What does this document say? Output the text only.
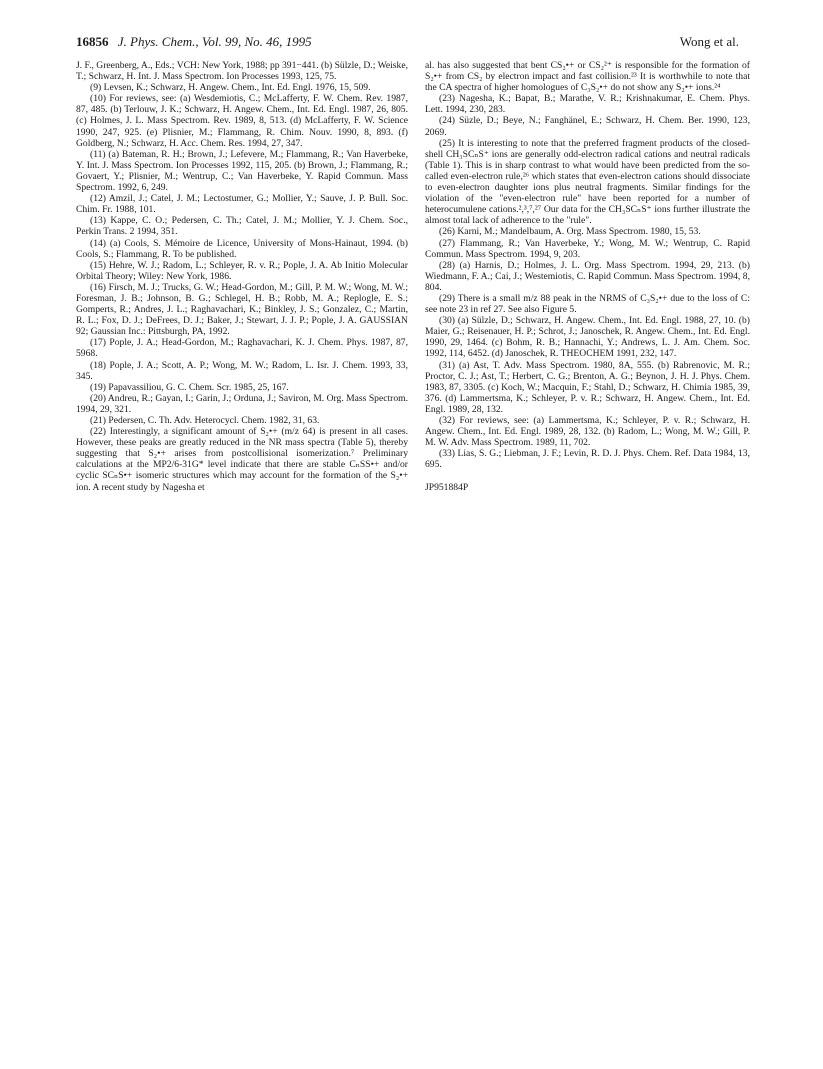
16856 J. Phys. Chem., Vol. 99, No. 46, 1995	Wong et al.

J. F., Greenberg, A., Eds.; VCH: New York, 1988; pp 391−441. (b) Sülzle, D.; Weiske, T.; Schwarz, H. Int. J. Mass Spectrom. Ion Processes 1993, 125, 75.

(9) Levsen, K.; Schwarz, H. Angew. Chem., Int. Ed. Engl. 1976, 15, 509.

(10) For reviews, see: (a) Wesdemiotis, C.; McLafferty, F. W. Chem. Rev. 1987, 87, 485. (b) Terlouw, J. K.; Schwarz, H. Angew. Chem., Int. Ed. Engl. 1987, 26, 805. (c) Holmes, J. L. Mass Spectrom. Rev. 1989, 8, 513. (d) McLafferty, F. W. Science 1990, 247, 925. (e) Plisnier, M.; Flammang, R. Chim. Nouv. 1990, 8, 893. (f) Goldberg, N.; Schwarz, H. Acc. Chem. Res. 1994, 27, 347.

(11) (a) Bateman, R. H.; Brown, J.; Lefevere, M.; Flammang, R.; Van Haverbeke, Y. Int. J. Mass Spectrom. Ion Processes 1992, 115, 205. (b) Brown, J.; Flammang, R.; Govaert, Y.; Plisnier, M.; Wentrup, C.; Van Haverbeke, Y. Rapid Commun. Mass Spectrom. 1992, 6, 249.

(12) Amzil, J.; Catel, J. M.; Lectostumer, G.; Mollier, Y.; Sauve, J. P. Bull. Soc. Chim. Fr. 1988, 101.

(13) Kappe, C. O.; Pedersen, C. Th.; Catel, J. M.; Mollier, Y. J. Chem. Soc., Perkin Trans. 2 1994, 351.

(14) (a) Cools, S. Mémoire de Licence, University of Mons-Hainaut, 1994. (b) Cools, S.; Flammang, R. To be published.

(15) Hehre, W. J.; Radom, L.; Schleyer, R. v. R.; Pople, J. A. Ab Initio Molecular Orbital Theory; Wiley: New York, 1986.

(16) Firsch, M. J.; Trucks, G. W.; Head-Gordon, M.; Gill, P. M. W.; Wong, M. W.; Foresman, J. B.; Johnson, B. G.; Schlegel, H. B.; Robb, M. A.; Replogle, E. S.; Gomperts, R.; Andres, J. L.; Raghavachari, K.; Binkley, J. S.; Gonzalez, C.; Martin, R. L.; Fox, D. J.; DeFrees, D. J.; Baker, J.; Stewart, J. J. P.; Pople, J. A. GAUSSIAN 92; Gaussian Inc.: Pittsburgh, PA, 1992.

(17) Pople, J. A.; Head-Gordon, M.; Raghavachari, K. J. Chem. Phys. 1987, 87, 5968.

(18) Pople, J. A.; Scott, A. P.; Wong, M. W.; Radom, L. Isr. J. Chem. 1993, 33, 345.

(19) Papavassiliou, G. C. Chem. Scr. 1985, 25, 167.

(20) Andreu, R.; Gayan, I.; Garin, J.; Orduna, J.; Saviron, M. Org. Mass Spectrom. 1994, 29, 321.

(21) Pedersen, C. Th. Adv. Heterocycl. Chem. 1982, 31, 63.

(22) Interestingly, a significant amount of S₂•+ (m/z 64) is present in all cases. However, these peaks are greatly reduced in the NR mass spectra (Table 5), thereby suggesting that S₂•+ arises from postcollisional isomerization.⁷ Preliminary calculations at the MP2/6-31G* level indicate that there are stable CₙSS•+ and/or cyclic SCₙS•+ isomeric structures which may account for the formation of the S₂•+ ion. A recent study by Nagesha et

al. has also suggested that bent CS₂•+ or CS₂²⁺ is responsible for the formation of S₂•+ from CS₂ by electron impact and fast collision.²³ It is worthwhile to note that the CA spectra of higher homologues of C₃S₂•+ do not show any S₂•+ ions.²⁴

(23) Nagesha, K.; Bapat, B.; Marathe, V. R.; Krishnakumar, E. Chem. Phys. Lett. 1994, 230, 283.

(24) Süzle, D.; Beye, N.; Fanghänel, E.; Schwarz, H. Chem. Ber. 1990, 123, 2069.

(25) It is interesting to note that the preferred fragment products of the closed-shell CH₃SCₙS⁺ ions are generally odd-electron radical cations and neutral radicals (Table 1). This is in sharp contrast to what would have been predicted from the so-called even-electron rule,²⁶ which states that even-electron cations should dissociate to even-electron daughter ions plus neutral fragments. Similar findings for the violation of the "even-electron rule" have been reported for a number of heterocumulene cations.²,³,⁷,²⁷ Our data for the CH₃SCₙS⁺ ions further illustrate the almost total lack of adherence to the "rule".

(26) Karni, M.; Mandelbaum, A. Org. Mass Spectrom. 1980, 15, 53.

(27) Flammang, R.; Van Haverbeke, Y.; Wong, M. W.; Wentrup, C. Rapid Commun. Mass Spectrom. 1994, 9, 203.

(28) (a) Harnis, D.; Holmes, J. L. Org. Mass Spectrom. 1994, 29, 213. (b) Wiedmann, F. A.; Cai, J.; Westemiotis, C. Rapid Commun. Mass Spectrom. 1994, 8, 804.

(29) There is a small m/z 88 peak in the NRMS of C₃S₂•+ due to the loss of C: see note 23 in ref 27. See also Figure 5.

(30) (a) Sülzle, D.; Schwarz, H. Angew. Chem., Int. Ed. Engl. 1988, 27, 10. (b) Maier, G.; Reisenauer, H. P.; Schrot, J.; Janoschek, R. Angew. Chem., Int. Ed. Engl. 1990, 29, 1464. (c) Bohm, R. B.; Hannachi, Y.; Andrews, L. J. Am. Chem. Soc. 1992, 114, 6452. (d) Janoschek, R. THEOCHEM 1991, 232, 147.

(31) (a) Ast, T. Adv. Mass Spectrom. 1980, 8A, 555. (b) Rabrenovic, M. R.; Proctor, C. J.; Ast, T.; Herbert, C. G.; Brenton, A. G.; Beynon, J. H. J. Phys. Chem. 1983, 87, 3305. (c) Koch, W.; Macquin, F.; Stahl, D.; Schwarz, H. Chimia 1985, 39, 376. (d) Lammertsma, K.; Schleyer, P. v. R.; Schwarz, H. Angew. Chem., Int. Ed. Engl. 1989, 28, 132.

(32) For reviews, see: (a) Lammertsma, K.; Schleyer, P. v. R.; Schwarz, H. Angew. Chem., Int. Ed. Engl. 1989, 28, 132. (b) Radom, L.; Wong, M. W.; Gill, P. M. W. Adv. Mass Spectrom. 1989, 11, 702.

(33) Lias, S. G.; Liebman, J. F.; Levin, R. D. J. Phys. Chem. Ref. Data 1984, 13, 695.

JP951884P
